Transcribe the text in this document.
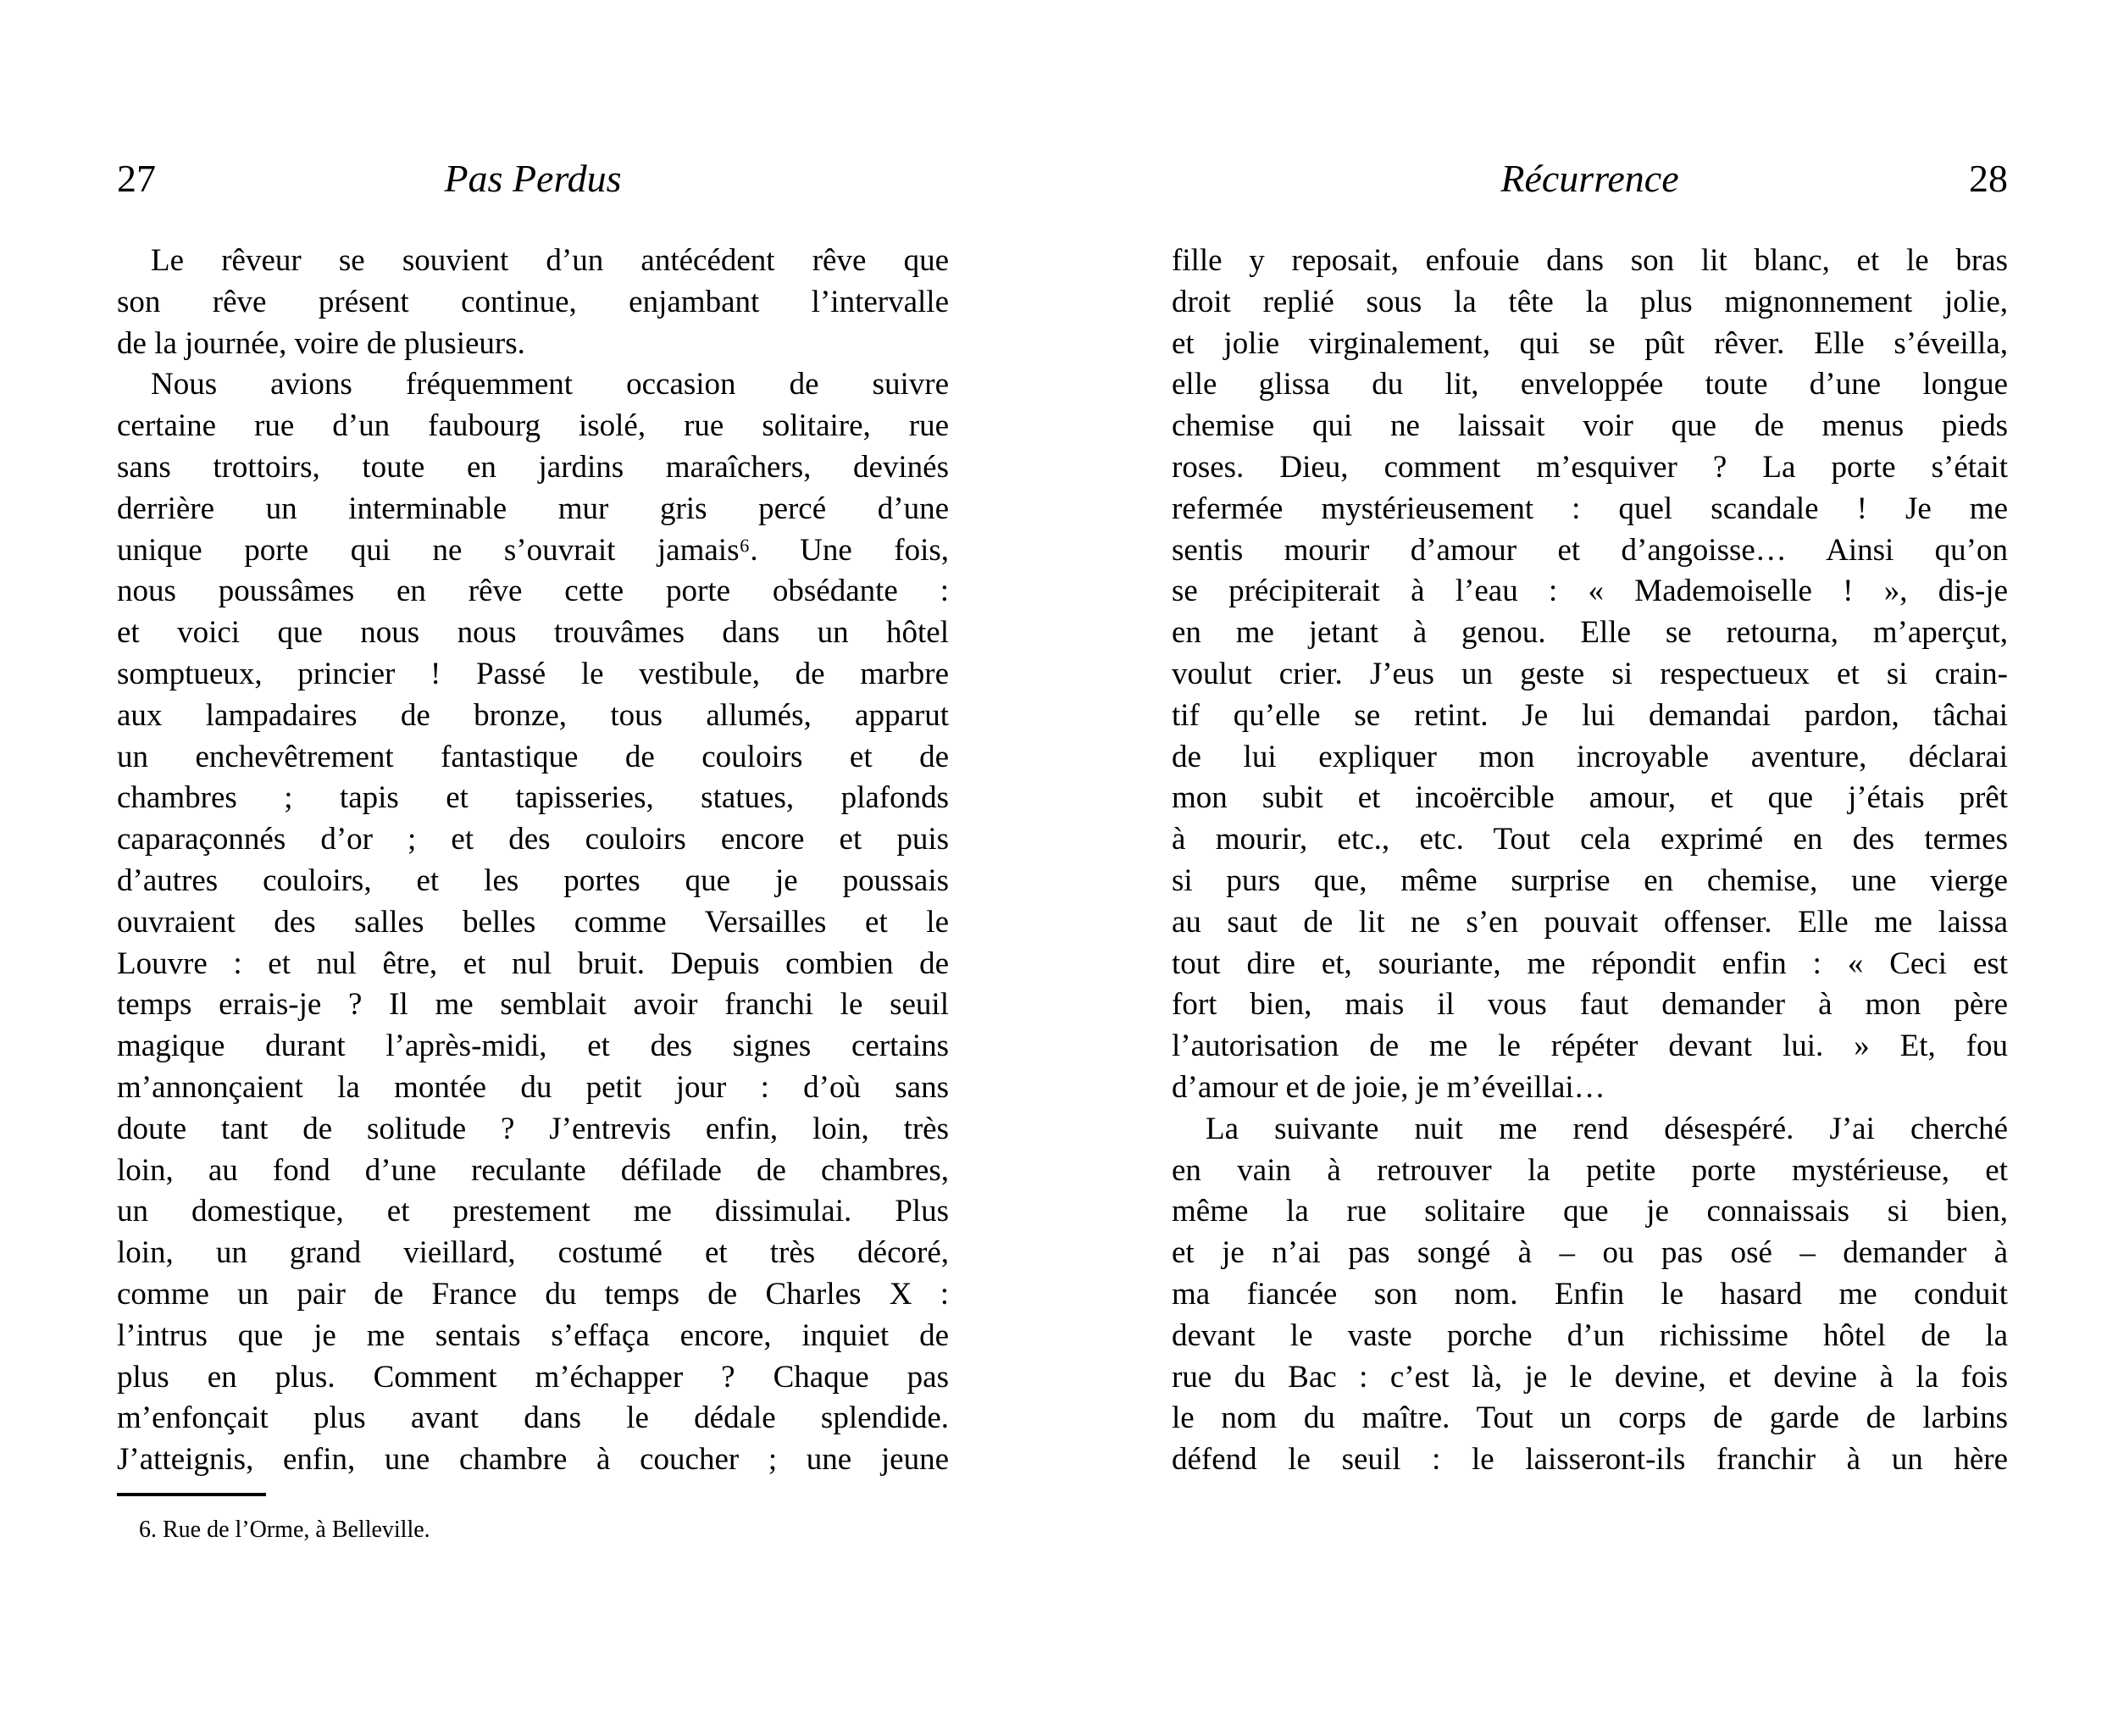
27	Pas Perdus
Le rêveur se souvient d’un antécédent rêve que
son rêve présent continue, enjambant l’intervalle
de la journée, voire de plusieurs.
Nous avions fréquemment occasion de suivre
certaine rue d’un faubourg isolé, rue solitaire, rue
sans trottoirs, toute en jardins maraîchers, devinés
derrière un interminable mur gris percé d’une
unique porte qui ne s’ouvrait jamais⁶. Une fois,
nous poussâmes en rêve cette porte obsédante :
et voici que nous nous trouvâmes dans un hôtel
somptueux, princier ! Passé le vestibule, de marbre
aux lampadaires de bronze, tous allumés, apparut
un enchevêtrement fantastique de couloirs et de
chambres ; tapis et tapisseries, statues, plafonds
caparaçonnés d’or ; et des couloirs encore et puis
d’autres couloirs, et les portes que je poussais
ouvraient des salles belles comme Versailles et le
Louvre : et nul être, et nul bruit. Depuis combien de
temps errais-je ? Il me semblait avoir franchi le seuil
magique durant l’après-midi, et des signes certains
m’annonçaient la montée du petit jour : d’où sans
doute tant de solitude ? J’entrevis enfin, loin, très
loin, au fond d’une reculante défilade de chambres,
un domestique, et prestement me dissimulai. Plus
loin, un grand vieillard, costumé et très décoré,
comme un pair de France du temps de Charles X :
l’intrus que je me sentais s’effaça encore, inquiet de
plus en plus. Comment m’échapper ? Chaque pas
m’enfonçait plus avant dans le dédale splendide.
J’atteignis, enfin, une chambre à coucher ; une jeune
6. Rue de l’Orme, à Belleville.
Récurrence	28
fille y reposait, enfouie dans son lit blanc, et le bras
droit replié sous la tête la plus mignonnement jolie,
et jolie virginalement, qui se pût rêver. Elle s’éveilla,
elle glissa du lit, enveloppée toute d’une longue
chemise qui ne laissait voir que de menus pieds
roses. Dieu, comment m’esquiver ? La porte s’était
refermée mystérieusement : quel scandale ! Je me
sentis mourir d’amour et d’angoisse… Ainsi qu’on
se précipiterait à l’eau : « Mademoiselle ! », dis-je
en me jetant à genou. Elle se retourna, m’aperçut,
voulut crier. J’eus un geste si respectueux et si crain-
tif qu’elle se retint. Je lui demandai pardon, tâchai
de lui expliquer mon incroyable aventure, déclarai
mon subit et incoërcible amour, et que j’étais prêt
à mourir, etc., etc. Tout cela exprimé en des termes
si purs que, même surprise en chemise, une vierge
au saut de lit ne s’en pouvait offenser. Elle me laissa
tout dire et, souriante, me répondit enfin : « Ceci est
fort bien, mais il vous faut demander à mon père
l’autorisation de me le répéter devant lui. » Et, fou
d’amour et de joie, je m’éveillai…
La suivante nuit me rend désespéré. J’ai cherché
en vain à retrouver la petite porte mystérieuse, et
même la rue solitaire que je connaissais si bien,
et je n’ai pas songé à – ou pas osé – demander à
ma fiancée son nom. Enfin le hasard me conduit
devant le vaste porche d’un richissime hôtel de la
rue du Bac : c’est là, je le devine, et devine à la fois
le nom du maître. Tout un corps de garde de larbins
défend le seuil : le laisseront-ils franchir à un hère
